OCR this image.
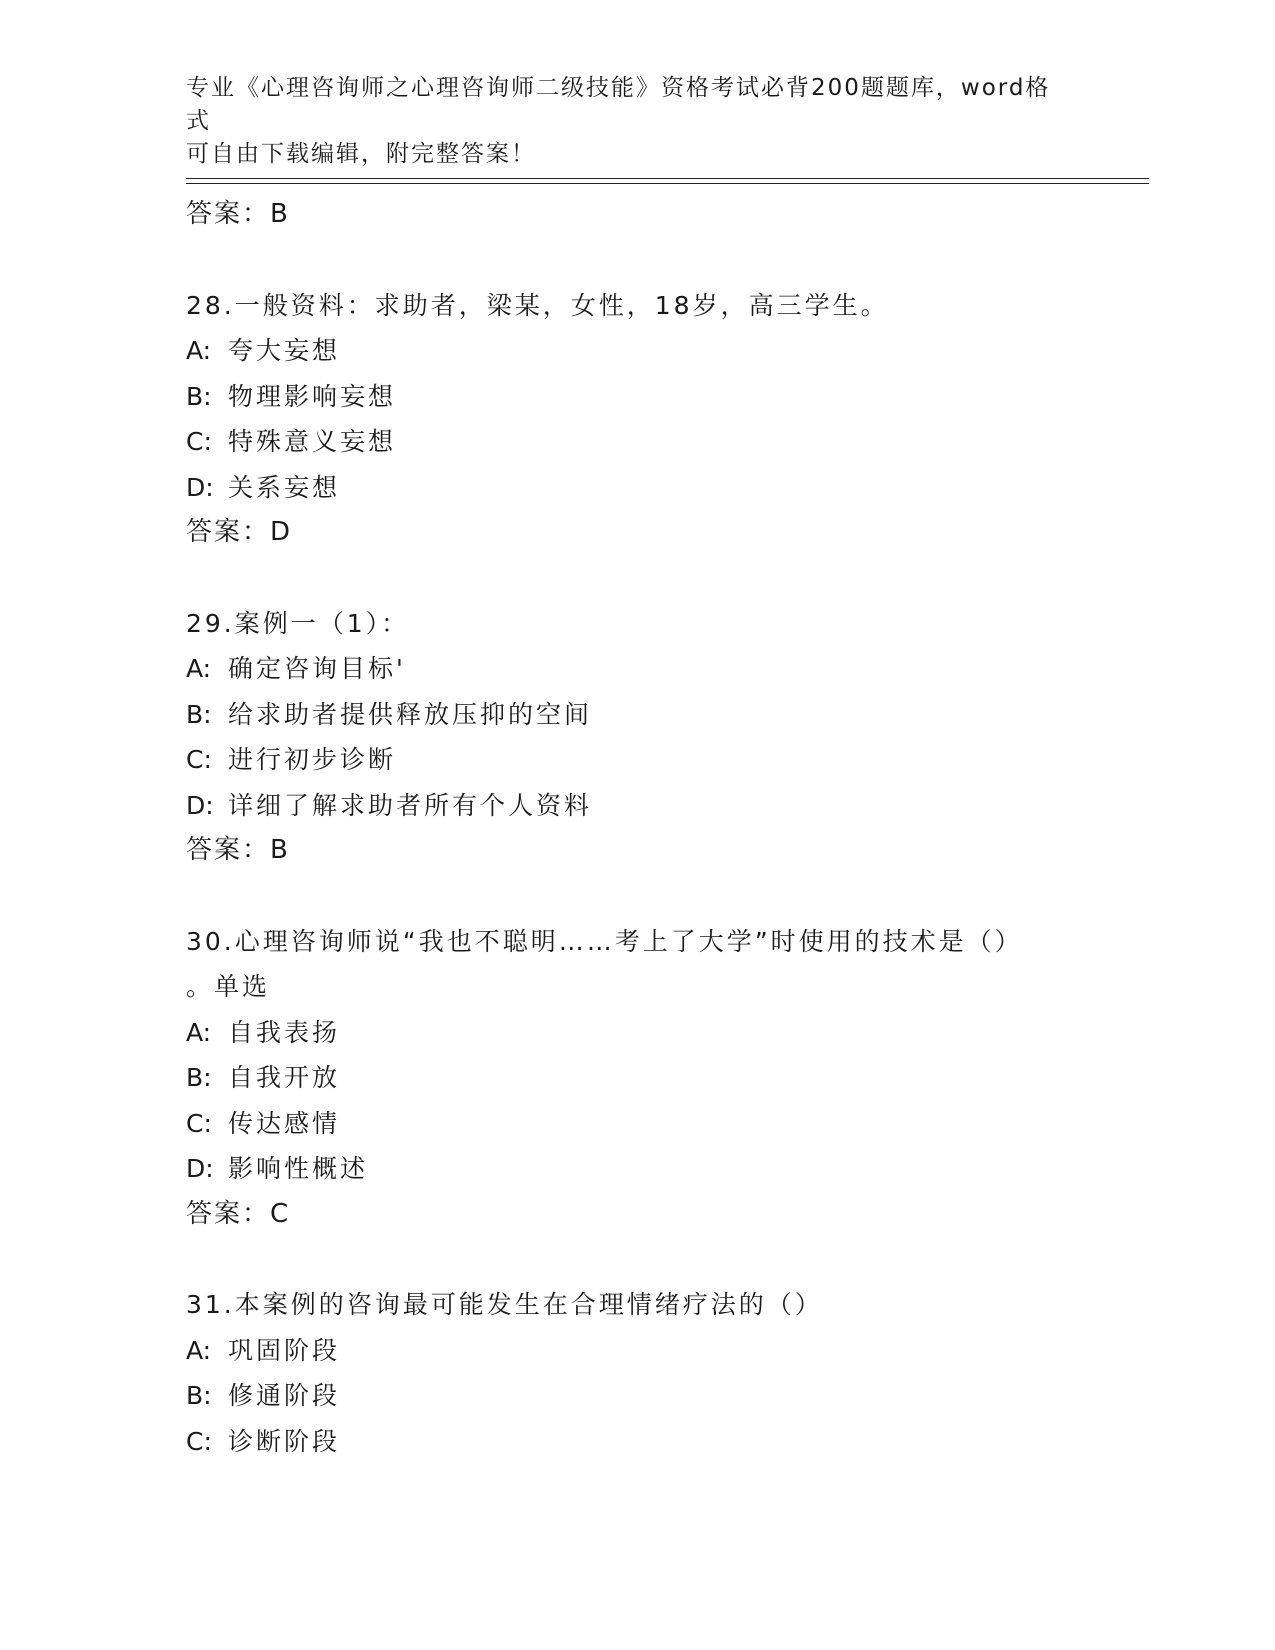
专业《心理咨询师之心理咨询师二级技能》资格考试必背200题题库，word格式
可自由下载编辑，附完整答案！
答案：B
28.一般资料：求助者，梁某，女性，18岁，高三学生。
A: 夸大妄想
B: 物理影响妄想
C: 特殊意义妄想
D: 关系妄想
答案：D
29.案例一（1）：
A: 确定咨询目标'
B: 给求助者提供释放压抑的空间
C: 进行初步诊断
D: 详细了解求助者所有个人资料
答案：B
30.心理咨询师说“我也不聪明……考上了大学”时使用的技术是（）
。单选
A: 自我表扬
B: 自我开放
C: 传达感情
D: 影响性概述
答案：C
31.本案例的咨询最可能发生在合理情绪疗法的（）
A: 巩固阶段
B: 修通阶段
C: 诊断阶段
